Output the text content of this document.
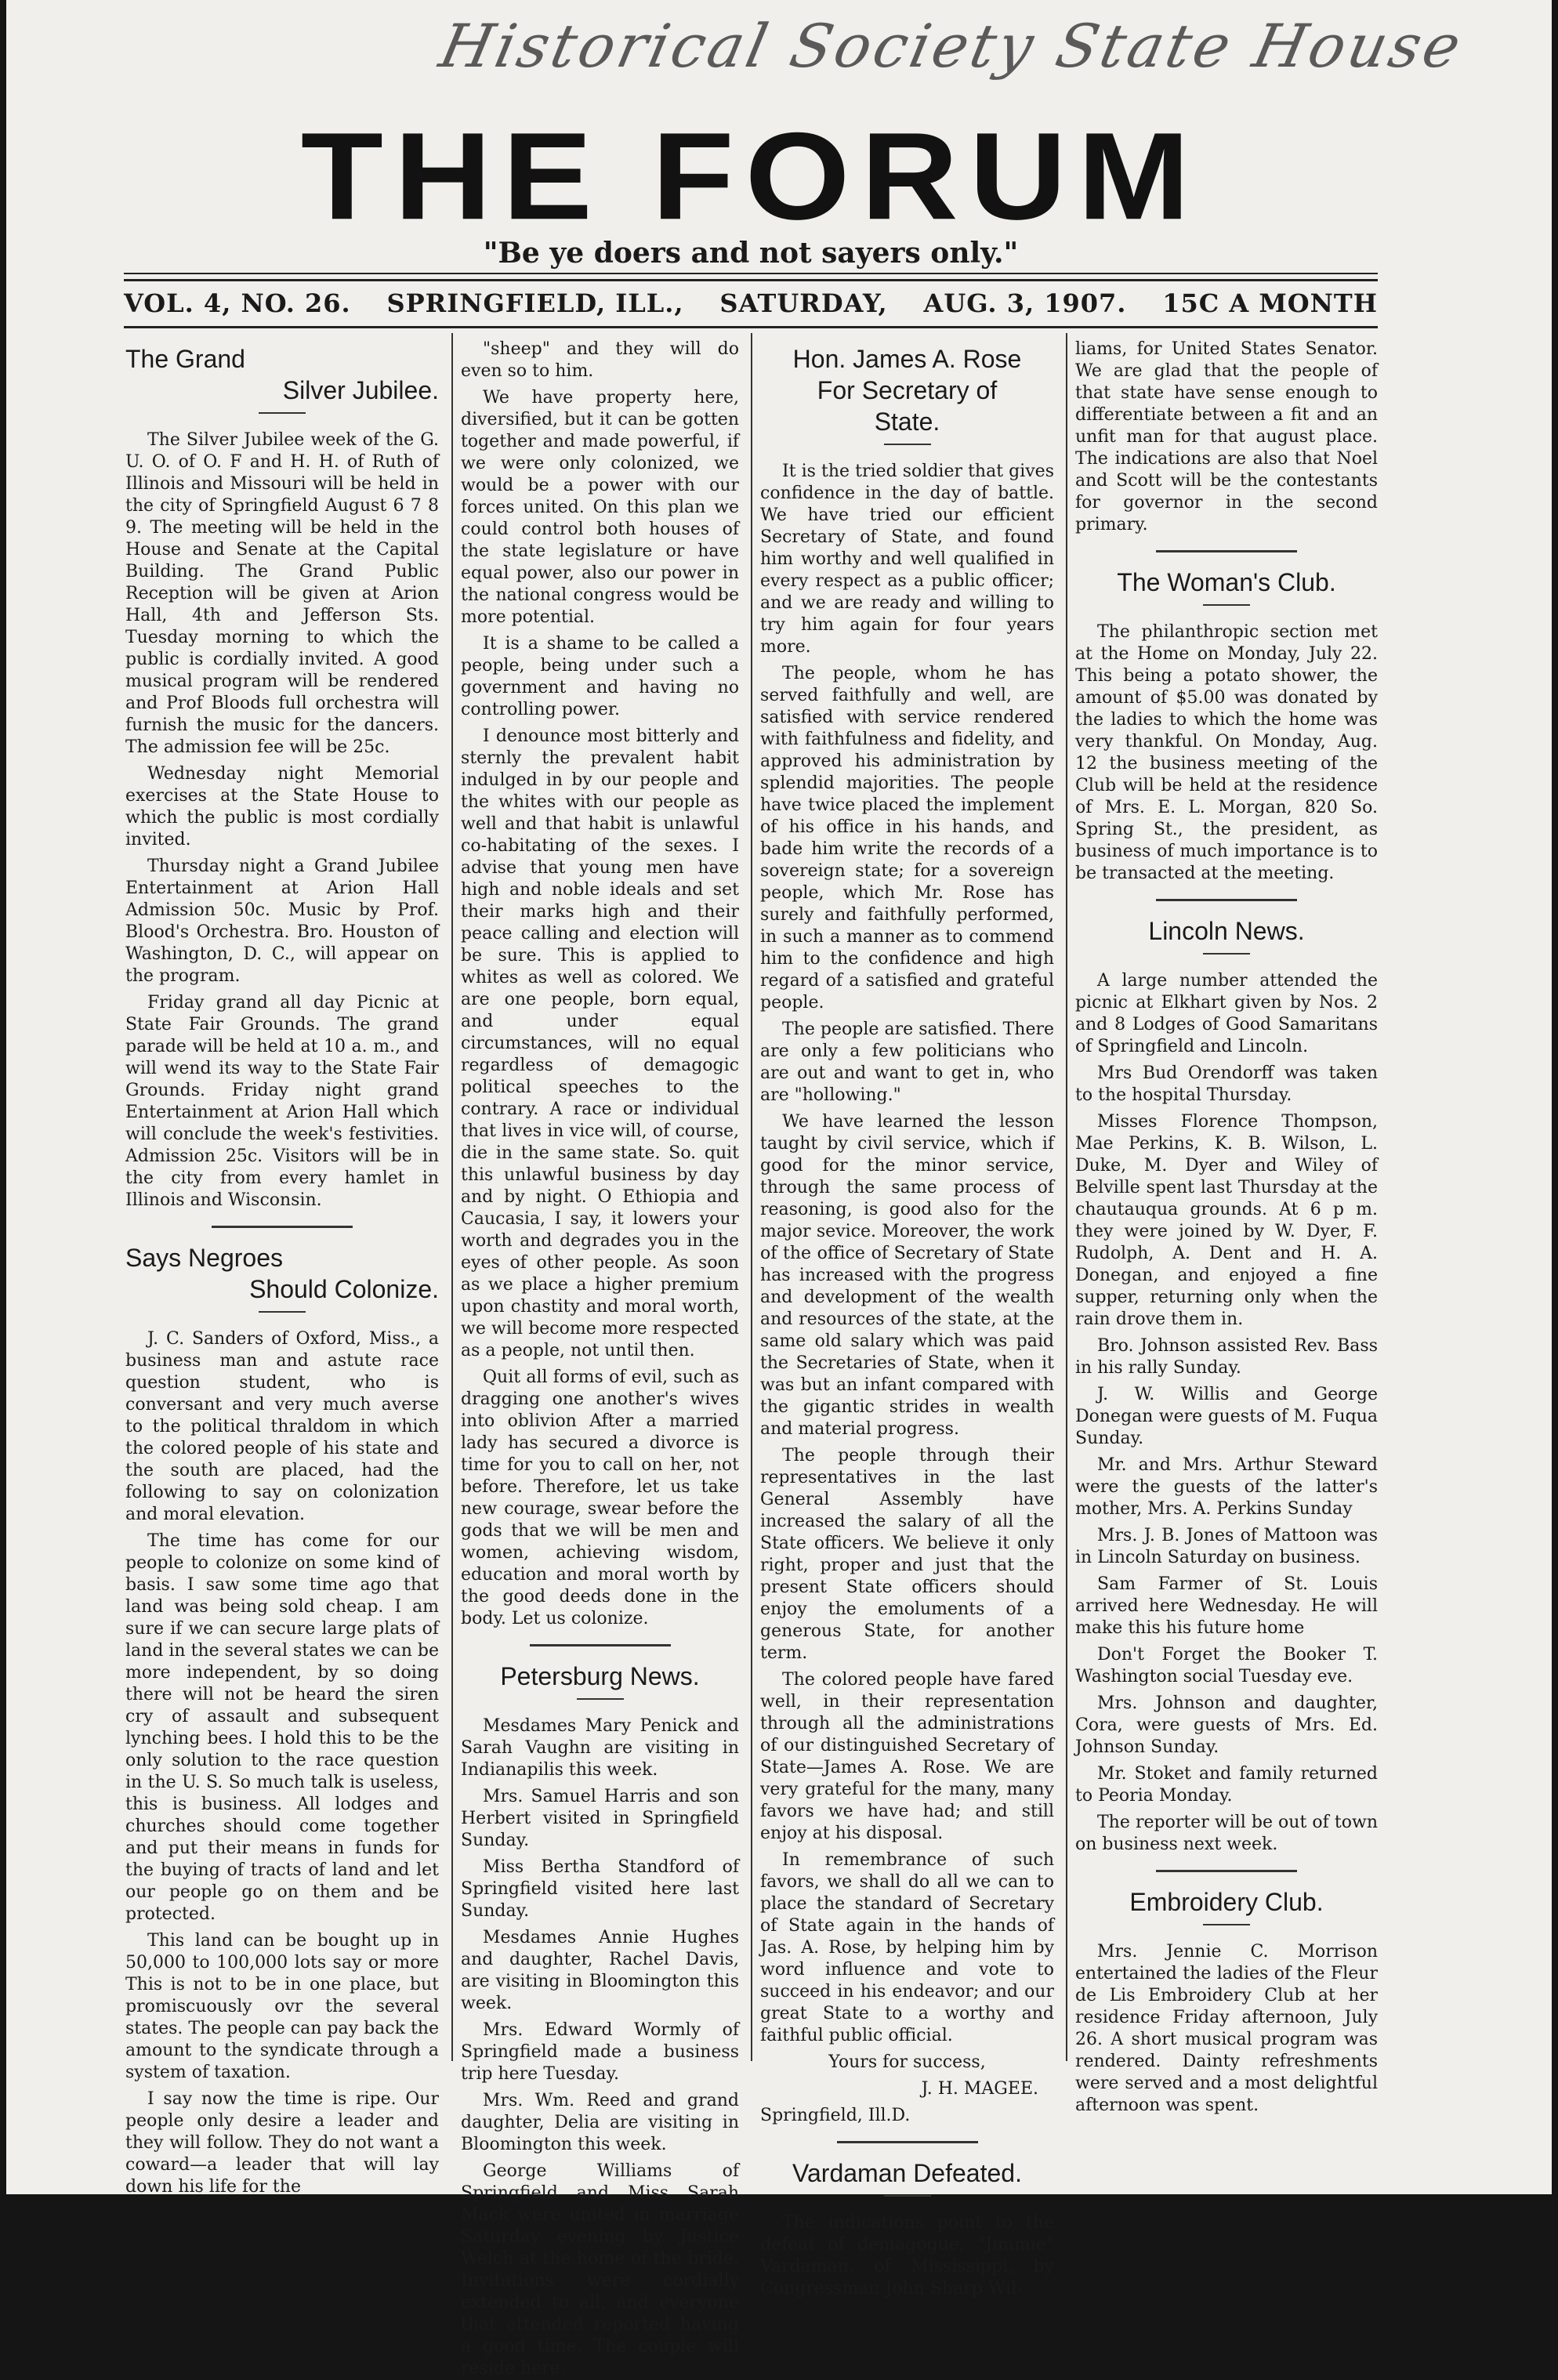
Historical Society State House
THE FORUM
"Be ye doers and not sayers only."
VOL. 4, NO. 26. SPRINGFIELD, ILL., SATURDAY, AUG. 3, 1907. 15C A MONTH
The Grand
Silver Jubilee.

The Silver Jubilee week of the G. U. O. of O. F and H. H. of Ruth of Illinois and Missouri will be held in the city of Springfield August 6 7 8 9. The meeting will be held in the House and Senate at the Capital Building. The Grand Public Reception will be given at Arion Hall, 4th and Jefferson Sts. Tuesday morning to which the public is cordially invited. A good musical program will be rendered and Prof Bloods full orchestra will furnish the music for the dancers. The admission fee will be 25c.

Wednesday night Memorial exercises at the State House to which the public is most cordially invited.

Thursday night a Grand Jubilee Entertainment at Arion Hall Admission 50c. Music by Prof. Blood's Orchestra. Bro. Houston of Washington, D. C., will appear on the program.

Friday grand all day Picnic at State Fair Grounds. The grand parade will be held at 10 a. m., and will wend its way to the State Fair Grounds. Friday night grand Entertainment at Arion Hall which will conclude the week's festivities. Admission 25c. Visitors will be in the city from every hamlet in Illinois and Wisconsin.

Says Negroes
Should Colonize.

J. C. Sanders of Oxford, Miss., a business man and astute race question student, who is conversant and very much averse to the political thraldom in which the colored people of his state and the south are placed, had the following to say on colonization and moral elevation.

The time has come for our people to colonize on some kind of basis. I saw some time ago that land was being sold cheap. I am sure if we can secure large plats of land in the several states we can be more independent, by so doing there will not be heard the siren cry of assault and subsequent lynching bees. I hold this to be the only solution to the race question in the U. S. So much talk is useless, this is business. All lodges and churches should come together and put their means in funds for the buying of tracts of land and let our people go on them and be protected.

This land can be bought up in 50,000 to 100,000 lots say or more This is not to be in one place, but promiscuously ovr the several states. The people can pay back the amount to the syndicate through a system of taxation.

I say now the time is ripe. Our people only desire a leader and they will follow. They do not want a coward—a leader that will lay down his life for the

"sheep" and they will do even so to him.

We have property here, diversified, but it can be gotten together and made powerful, if we were only colonized, we would be a power with our forces united. On this plan we could control both houses of the state legislature or have equal power, also our power in the national congress would be more potential.

It is a shame to be called a people, being under such a government and having no controlling power.

I denounce most bitterly and sternly the prevalent habit indulged in by our people and the whites with our people as well and that habit is unlawful co-habitating of the sexes. I advise that young men have high and noble ideals and set their marks high and their peace calling and election will be sure. This is applied to whites as well as colored. We are one people, born equal, and under equal circumstances, will no equal regardless of demagogic political speeches to the contrary. A race or individual that lives in vice will, of course, die in the same state. So. quit this unlawful business by day and by night. O Ethiopia and Caucasia, I say, it lowers your worth and degrades you in the eyes of other people. As soon as we place a higher premium upon chastity and moral worth, we will become more respected as a people, not until then.

Quit all forms of evil, such as dragging one another's wives into oblivion After a married lady has secured a divorce is time for you to call on her, not before. Therefore, let us take new courage, swear before the gods that we will be men and women, achieving wisdom, education and moral worth by the good deeds done in the body. Let us colonize.

Petersburg News.

Mesdames Mary Penick and Sarah Vaughn are visiting in Indianapilis this week.

Mrs. Samuel Harris and son Herbert visited in Springfield Sunday.

Miss Bertha Standford of Springfield visited here last Sunday.

Mesdames Annie Hughes and daughter, Rachel Davis, are visiting in Bloomington this week.

Mrs. Edward Wormly of Springfield made a business trip here Tuesday.

Mrs. Wm. Reed and grand daughter, Delia are visiting in Bloomington this week.

George Williams of Springfield and Miss Sarah Mack were united in marriage Saturday evening by Justice Welch at the home of the bride. Invitations were cordially extended to all, and everyone that attended reported having a good time. The couple will reside here.

Hon. James A. Rose
For Secretary of
State.

It is the tried soldier that gives confidence in the day of battle. We have tried our efficient Secretary of State, and found him worthy and well qualified in every respect as a public officer; and we are ready and willing to try him again for four years more.

The people, whom he has served faithfully and well, are satisfied with service rendered with faithfulness and fidelity, and approved his administration by splendid majorities. The people have twice placed the implement of his office in his hands, and bade him write the records of a sovereign state; for a sovereign people, which Mr. Rose has surely and faithfully performed, in such a manner as to commend him to the confidence and high regard of a satisfied and grateful people.

The people are satisfied. There are only a few politicians who are out and want to get in, who are "hollowing."

We have learned the lesson taught by civil service, which if good for the minor service, through the same process of reasoning, is good also for the major sevice. Moreover, the work of the office of Secretary of State has increased with the progress and development of the wealth and resources of the state, at the same old salary which was paid the Secretaries of State, when it was but an infant compared with the gigantic strides in wealth and material progress.

The people through their representatives in the last General Assembly have increased the salary of all the State officers. We believe it only right, proper and just that the present State officers should enjoy the emoluments of a generous State, for another term.

The colored people have fared well, in their representation through all the administrations of our distinguished Secretary of State—James A. Rose. We are very grateful for the many, many favors we have had; and still enjoy at his disposal.

In remembrance of such favors, we shall do all we can to place the standard of Secretary of State again in the hands of Jas. A. Rose, by helping him by word influence and vote to succeed in his endeavor; and our great State to a worthy and faithful public official.

Yours for success,

J. H. MAGEE.

Springfield, Ill.D.

Vardaman Defeated.

The indications point to the defeat of demagogue, "Jimmie" Vardaman, of Mississippi, by Congressman John Sharp Wil-

liams, for United States Senator. We are glad that the people of that state have sense enough to differentiate between a fit and an unfit man for that august place. The indications are also that Noel and Scott will be the contestants for governor in the second primary.

The Woman's Club.

The philanthropic section met at the Home on Monday, July 22. This being a potato shower, the amount of $5.00 was donated by the ladies to which the home was very thankful. On Monday, Aug. 12 the business meeting of the Club will be held at the residence of Mrs. E. L. Morgan, 820 So. Spring St., the president, as business of much importance is to be transacted at the meeting.

Lincoln News.

A large number attended the picnic at Elkhart given by Nos. 2 and 8 Lodges of Good Samaritans of Springfield and Lincoln.

Mrs Bud Orendorff was taken to the hospital Thursday.

Misses Florence Thompson, Mae Perkins, K. B. Wilson, L. Duke, M. Dyer and Wiley of Belville spent last Thursday at the chautauqua grounds. At 6 p m. they were joined by W. Dyer, F. Rudolph, A. Dent and H. A. Donegan, and enjoyed a fine supper, returning only when the rain drove them in.

Bro. Johnson assisted Rev. Bass in his rally Sunday.

J. W. Willis and George Donegan were guests of M. Fuqua Sunday.

Mr. and Mrs. Arthur Steward were the guests of the latter's mother, Mrs. A. Perkins Sunday

Mrs. J. B. Jones of Mattoon was in Lincoln Saturday on business.

Sam Farmer of St. Louis arrived here Wednesday. He will make this his future home

Don't Forget the Booker T. Washington social Tuesday eve.

Mrs. Johnson and daughter, Cora, were guests of Mrs. Ed. Johnson Sunday.

Mr. Stoket and family returned to Peoria Monday.

The reporter will be out of town on business next week.

Embroidery Club.

Mrs. Jennie C. Morrison entertained the ladies of the Fleur de Lis Embroidery Club at her residence Friday afternoon, July 26. A short musical program was rendered. Dainty refreshments were served and a most delightful afternoon was spent.
